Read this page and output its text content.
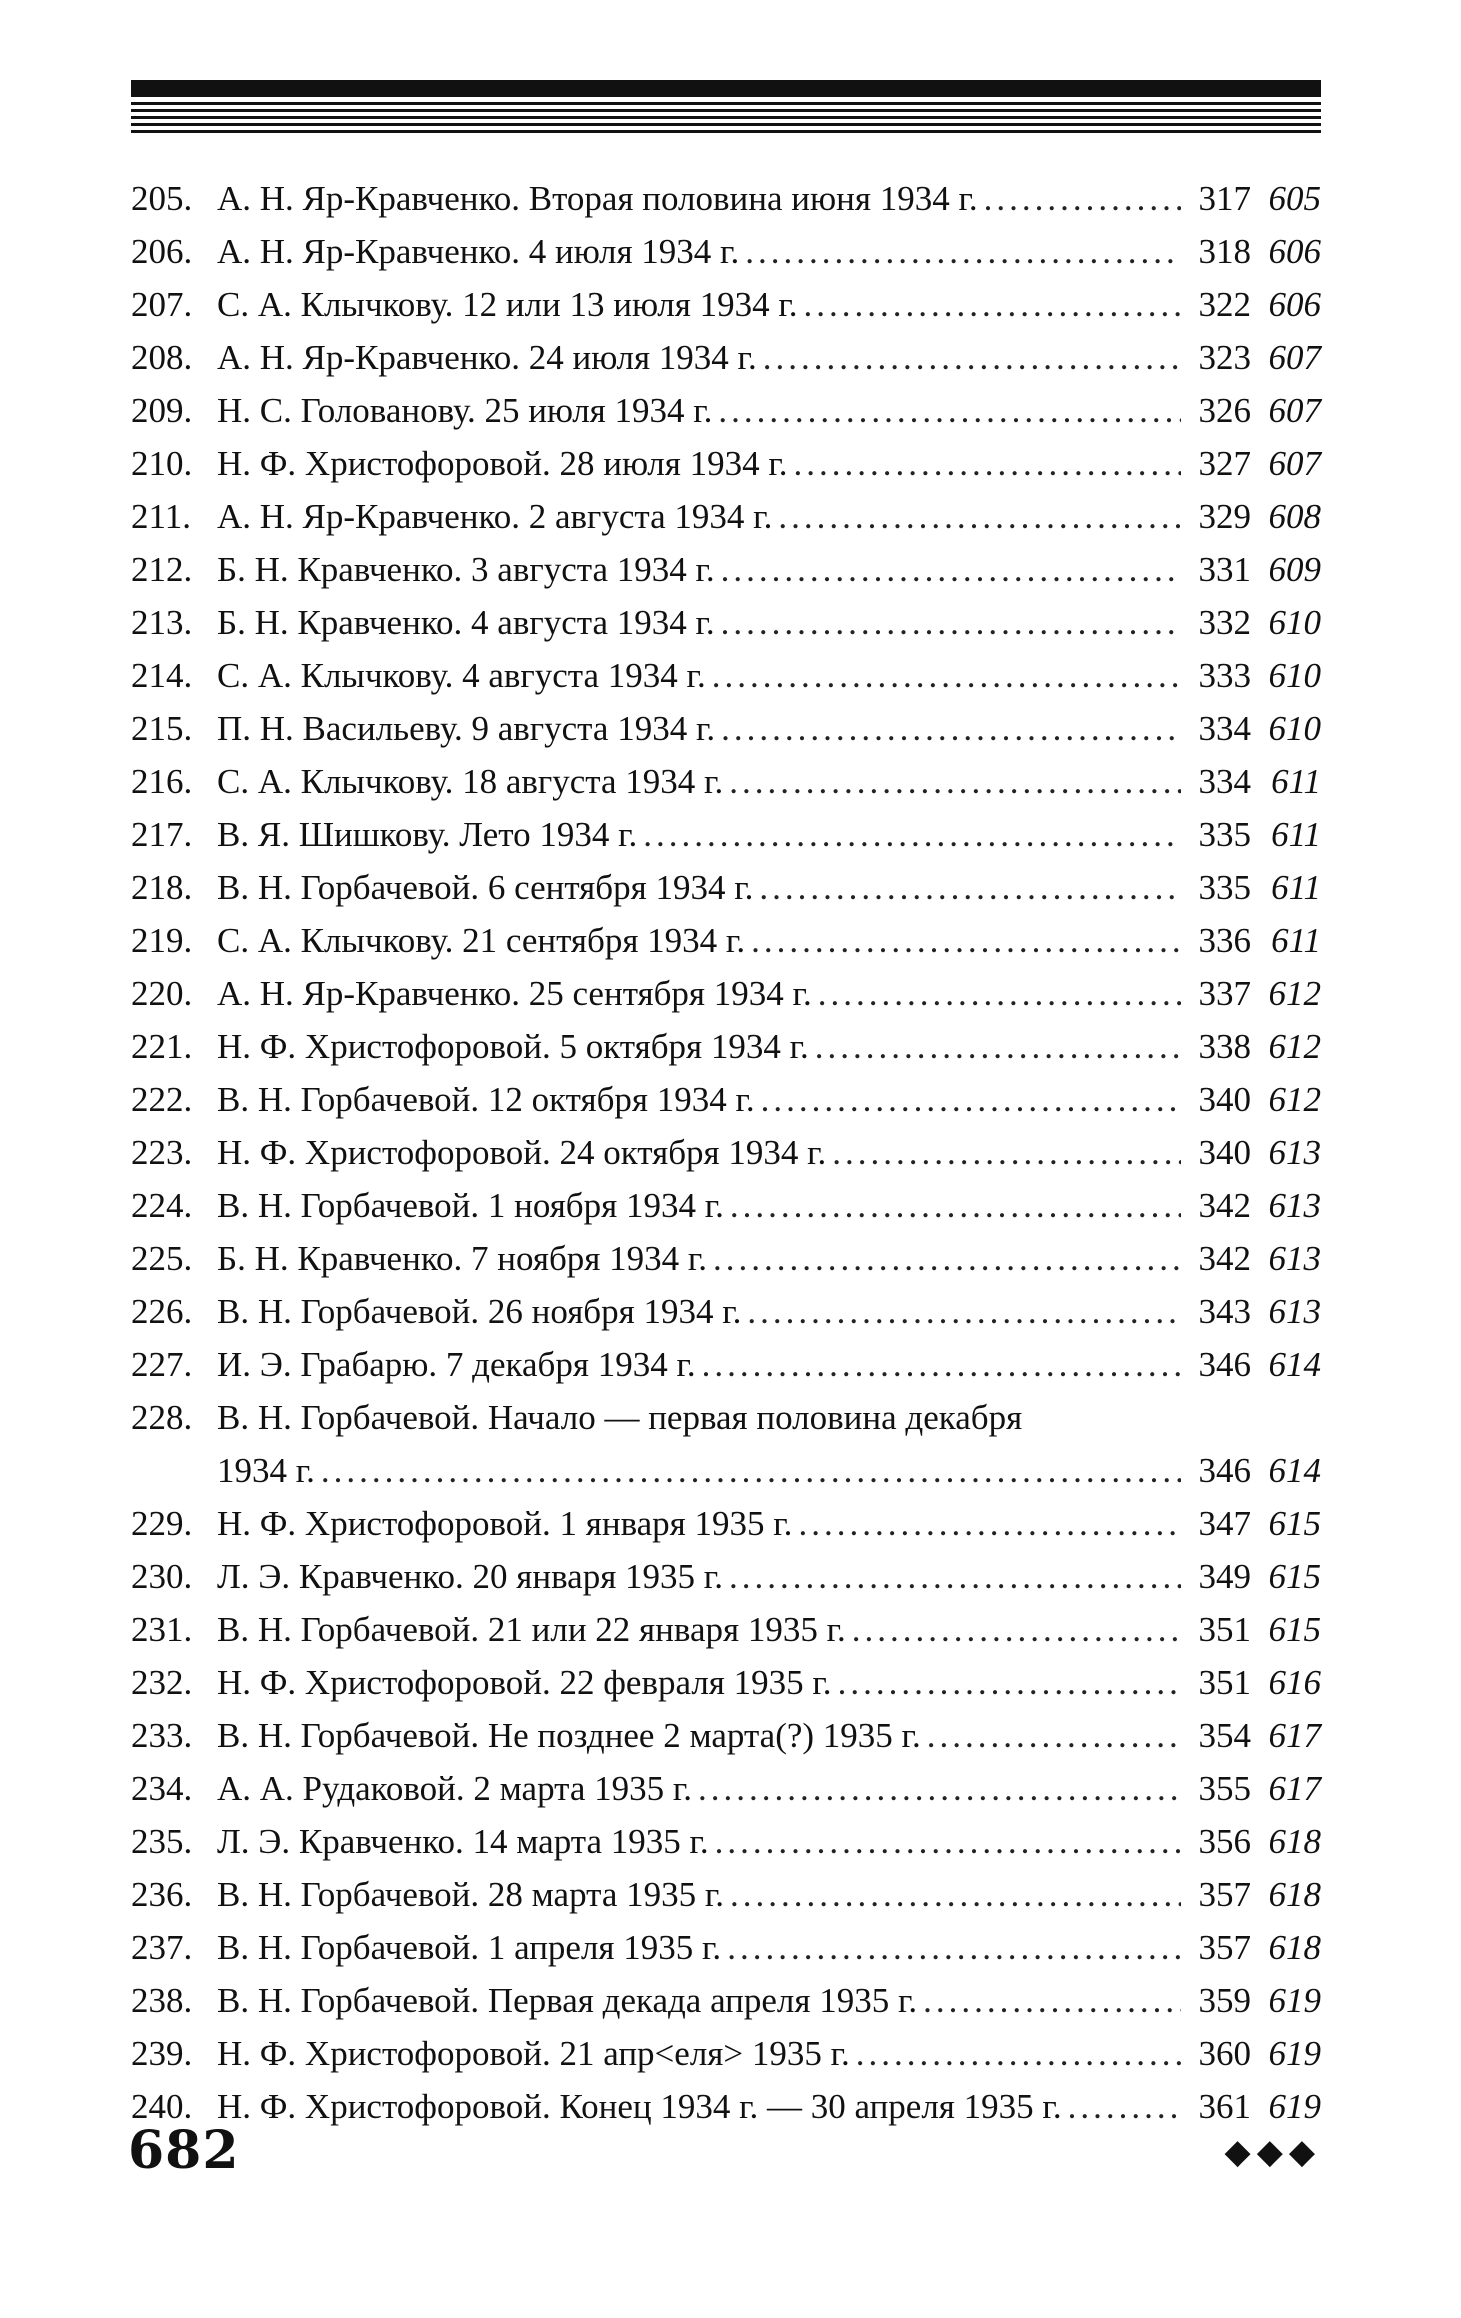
205. А. Н. Яр-Кравченко. Вторая половина июня 1934 г. .....	317 605
206. А. Н. Яр-Кравченко. 4 июля 1934 г. .....	318 606
207. С. А. Клычкову. 12 или 13 июля 1934 г. .....	322 606
208. А. Н. Яр-Кравченко. 24 июля 1934 г. .....	323 607
209. Н. С. Голованову. 25 июля 1934 г. .....	326 607
210. Н. Ф. Христофоровой. 28 июля 1934 г. .....	327 607
211. А. Н. Яр-Кравченко. 2 августа 1934 г. .....	329 608
212. Б. Н. Кравченко. 3 августа 1934 г. .....	331 609
213. Б. Н. Кравченко. 4 августа 1934 г. .....	332 610
214. С. А. Клычкову. 4 августа 1934 г. .....	333 610
215. П. Н. Васильеву. 9 августа 1934 г. .....	334 610
216. С. А. Клычкову. 18 августа 1934 г. .....	334 611
217. В. Я. Шишкову. Лето 1934 г. .....	335 611
218. В. Н. Горбачевой. 6 сентября 1934 г. .....	335 611
219. С. А. Клычкову. 21 сентября 1934 г. .....	336 611
220. А. Н. Яр-Кравченко. 25 сентября 1934 г. .....	337 612
221. Н. Ф. Христофоровой. 5 октября 1934 г. .....	338 612
222. В. Н. Горбачевой. 12 октября 1934 г. .....	340 612
223. Н. Ф. Христофоровой. 24 октября 1934 г. .....	340 613
224. В. Н. Горбачевой. 1 ноября 1934 г. .....	342 613
225. Б. Н. Кравченко. 7 ноября 1934 г. .....	342 613
226. В. Н. Горбачевой. 26 ноября 1934 г. .....	343 613
227. И. Э. Грабарю. 7 декабря 1934 г. .....	346 614
228. В. Н. Горбачевой. Начало — первая половина декабря
1934 г. .....	346 614
229. Н. Ф. Христофоровой. 1 января 1935 г. .....	347 615
230. Л. Э. Кравченко. 20 января 1935 г. .....	349 615
231. В. Н. Горбачевой. 21 или 22 января 1935 г. .....	351 615
232. Н. Ф. Христофоровой. 22 февраля 1935 г. .....	351 616
233. В. Н. Горбачевой. Не позднее 2 марта(?) 1935 г. .....	354 617
234. А. А. Рудаковой. 2 марта 1935 г. .....	355 617
235. Л. Э. Кравченко. 14 марта 1935 г. .....	356 618
236. В. Н. Горбачевой. 28 марта 1935 г. .....	357 618
237. В. Н. Горбачевой. 1 апреля 1935 г. .....	357 618
238. В. Н. Горбачевой. Первая декада апреля 1935 г. .....	359 619
239. Н. Ф. Христофоровой. 21 апр<еля> 1935 г. .....	360 619
240. Н. Ф. Христофоровой. Конец 1934 г. — 30 апреля 1935 г. .....	361 619
682	◆◆◆
